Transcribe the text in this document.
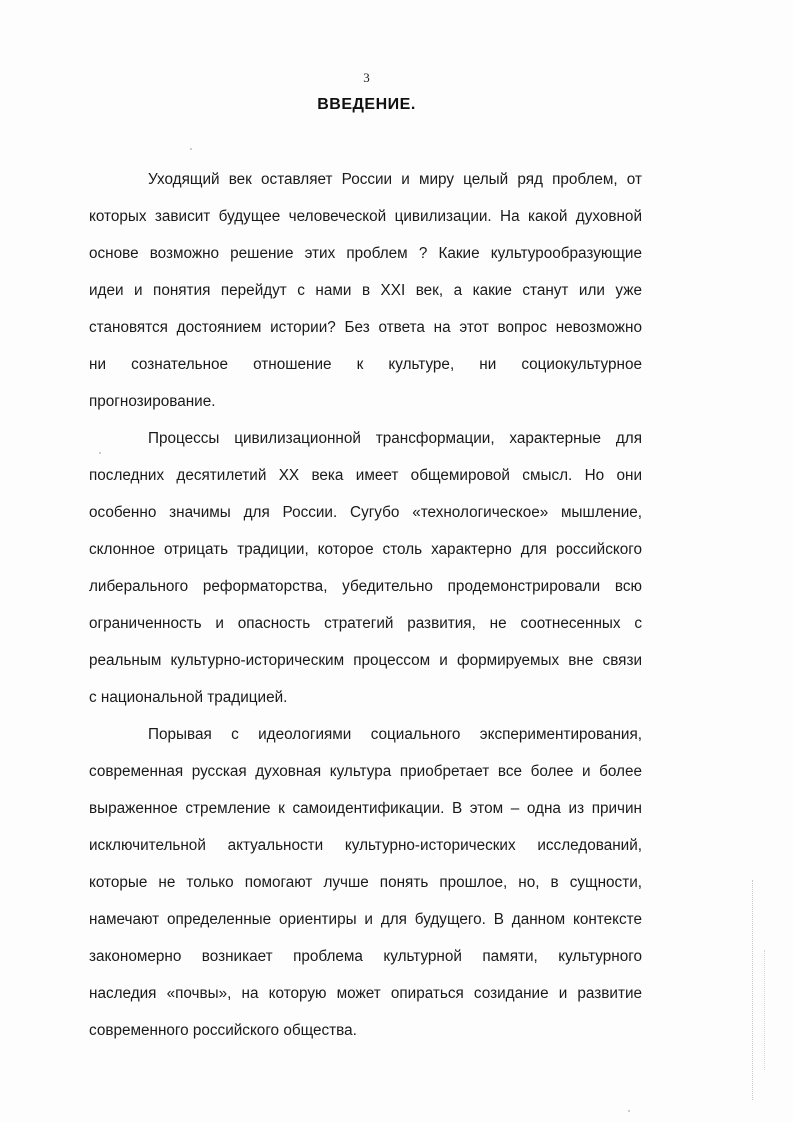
3
ВВЕДЕНИЕ.
Уходящий век оставляет России и миру целый ряд проблем, от
которых зависит будущее человеческой цивилизации. На какой духовной
основе возможно решение этих проблем ? Какие культурообразующие
идеи и понятия перейдут с нами в XXI век, а какие станут или уже
становятся достоянием истории? Без ответа на этот вопрос невозможно
ни сознательное отношение к культуре, ни социокультурное
прогнозирование.
Процессы цивилизационной трансформации, характерные для
последних десятилетий XX века имеет общемировой смысл. Но они
особенно значимы для России. Сугубо «технологическое» мышление,
склонное отрицать традиции, которое столь характерно для российского
либерального реформаторства, убедительно продемонстрировали всю
ограниченность и опасность стратегий развития, не соотнесенных с
реальным культурно-историческим процессом и формируемых вне связи
с национальной традицией.
Порывая с идеологиями социального экспериментирования,
современная русская духовная культура приобретает все более и более
выраженное стремление к самоидентификации. В этом – одна из причин
исключительной актуальности культурно-исторических исследований,
которые не только помогают лучше понять прошлое, но, в сущности,
намечают определенные ориентиры и для будущего. В данном контексте
закономерно возникает проблема культурной памяти, культурного
наследия «почвы», на которую может опираться созидание и развитие
современного российского общества.
